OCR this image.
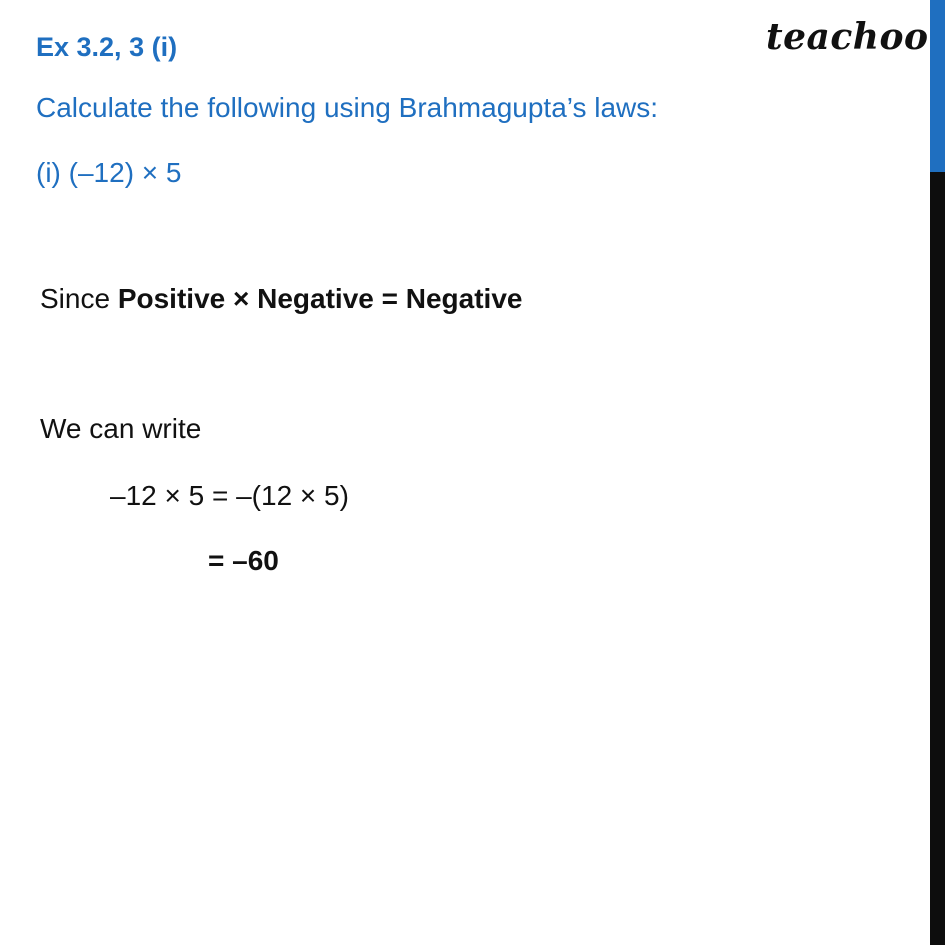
Ex 3.2, 3 (i)	teachoo
Calculate the following using Brahmagupta’s laws:
(i) (–12) × 5
Since Positive × Negative = Negative
We can write
–12 × 5 = –(12 × 5)
= –60
